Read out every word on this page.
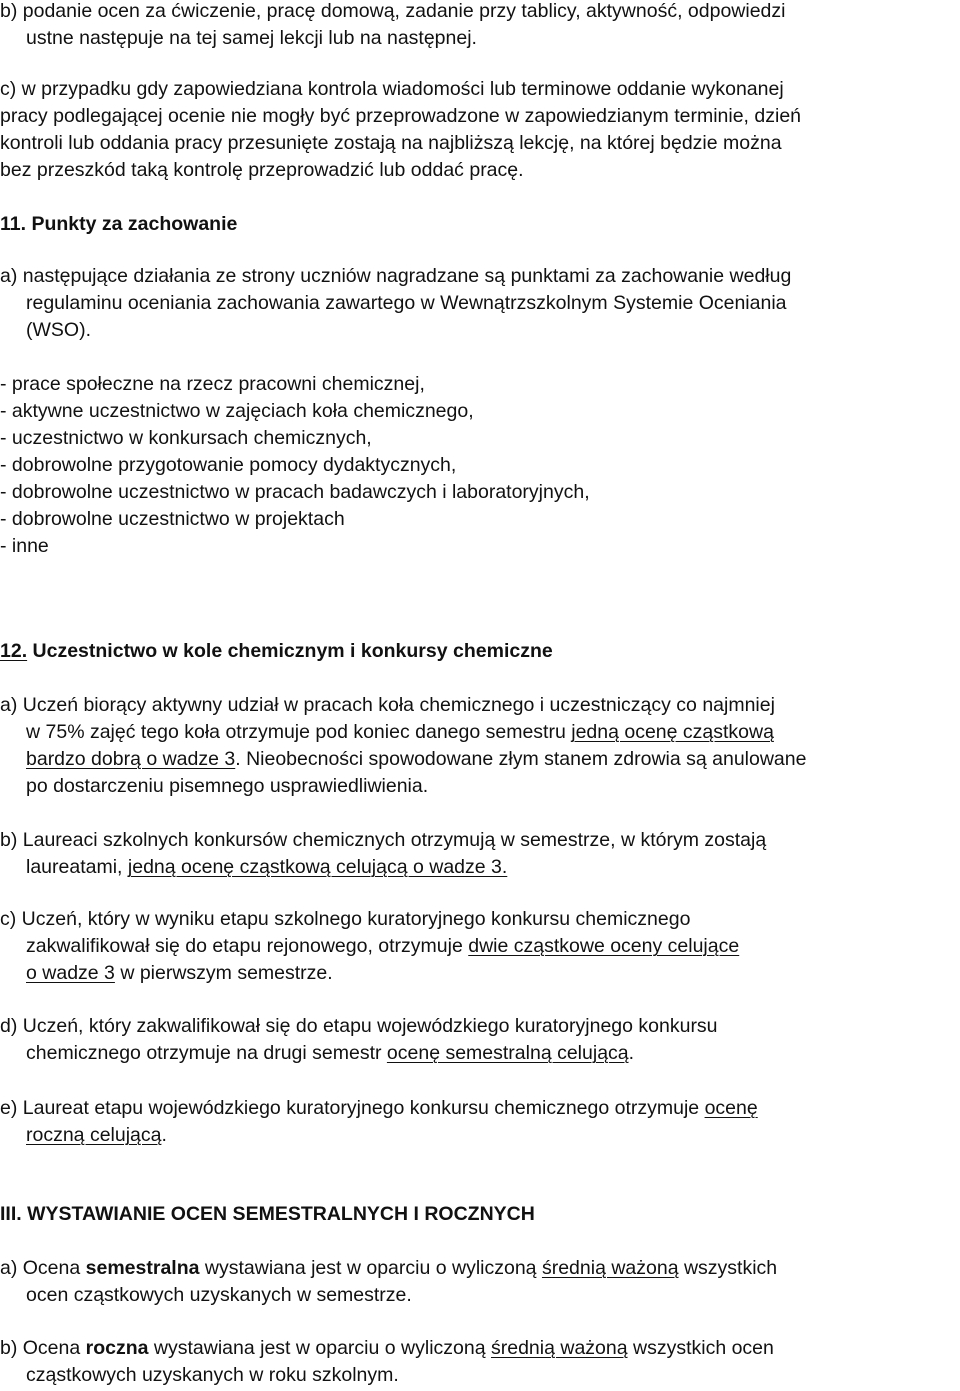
b) podanie ocen za ćwiczenie, pracę domową, zadanie przy tablicy, aktywność, odpowiedzi
ustne następuje na tej samej lekcji lub na następnej.
c) w przypadku gdy zapowiedziana kontrola wiadomości lub terminowe oddanie wykonanej
pracy podlegającej ocenie nie mogły być przeprowadzone w zapowiedzianym terminie, dzień
kontroli lub oddania pracy przesunięte zostają na najbliższą lekcję, na której będzie można
bez przeszkód taką kontrolę przeprowadzić lub oddać pracę.
11. Punkty za zachowanie
a) następujące działania ze strony uczniów nagradzane są punktami za zachowanie według
regulaminu oceniania zachowania zawartego w Wewnątrzszkolnym Systemie Oceniania
(WSO).
- prace społeczne na rzecz pracowni chemicznej,
- aktywne uczestnictwo w zajęciach koła chemicznego,
- uczestnictwo w konkursach chemicznych,
- dobrowolne przygotowanie pomocy dydaktycznych,
- dobrowolne uczestnictwo w pracach badawczych i laboratoryjnych,
- dobrowolne uczestnictwo w projektach
- inne
12. Uczestnictwo w kole chemicznym i konkursy chemiczne
a) Uczeń biorący aktywny udział w pracach koła chemicznego i uczestniczący co najmniej
w 75% zajęć tego koła otrzymuje pod koniec danego semestru jedną ocenę cząstkową
bardzo dobrą o wadze 3. Nieobecności spowodowane złym stanem zdrowia są anulowane
po dostarczeniu pisemnego usprawiedliwienia.
b) Laureaci szkolnych konkursów chemicznych otrzymują w semestrze, w którym zostają
laureatami, jedną ocenę cząstkową celującą o wadze 3.
c) Uczeń, który w wyniku etapu szkolnego kuratoryjnego konkursu chemicznego
zakwalifikował się do etapu rejonowego, otrzymuje dwie cząstkowe oceny celujące
o wadze 3 w pierwszym semestrze.
d) Uczeń, który zakwalifikował się do etapu wojewódzkiego kuratoryjnego konkursu
chemicznego otrzymuje na drugi semestr ocenę semestralną celującą.
e) Laureat etapu wojewódzkiego kuratoryjnego konkursu chemicznego otrzymuje ocenę
roczną celującą.
III. WYSTAWIANIE OCEN SEMESTRALNYCH I ROCZNYCH
a) Ocena semestralna wystawiana jest w oparciu o wyliczoną średnią ważoną wszystkich
ocen cząstkowych uzyskanych w semestrze.
b) Ocena roczna wystawiana jest w oparciu o wyliczoną średnią ważoną wszystkich ocen
cząstkowych uzyskanych w roku szkolnym.
